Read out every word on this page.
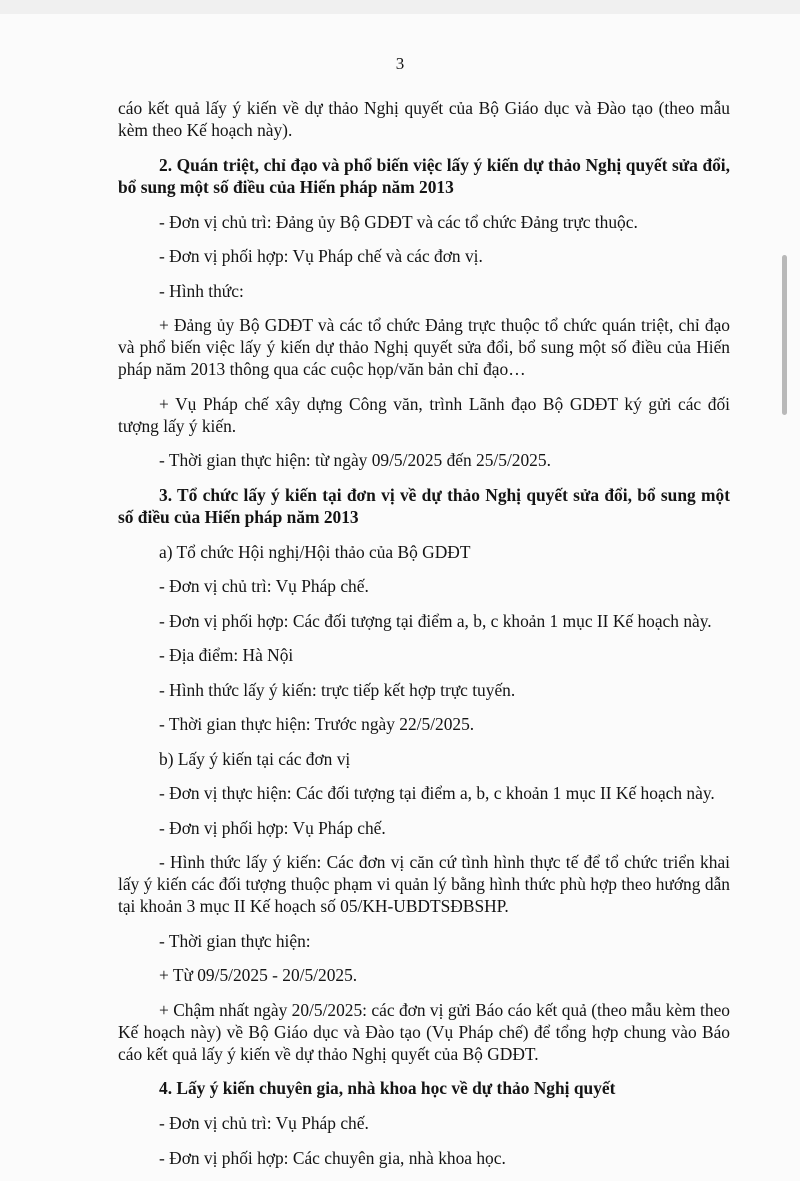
3

cáo kết quả lấy ý kiến về dự thảo Nghị quyết của Bộ Giáo dục và Đào tạo (theo mẫu kèm theo Kế hoạch này).

2. Quán triệt, chỉ đạo và phổ biến việc lấy ý kiến dự thảo Nghị quyết sửa đổi, bổ sung một số điều của Hiến pháp năm 2013

- Đơn vị chủ trì: Đảng ủy Bộ GDĐT và các tổ chức Đảng trực thuộc.

- Đơn vị phối hợp: Vụ Pháp chế và các đơn vị.

- Hình thức:

+ Đảng ủy Bộ GDĐT và các tổ chức Đảng trực thuộc tổ chức quán triệt, chỉ đạo và phổ biến việc lấy ý kiến dự thảo Nghị quyết sửa đổi, bổ sung một số điều của Hiến pháp năm 2013 thông qua các cuộc họp/văn bản chỉ đạo…

+ Vụ Pháp chế xây dựng Công văn, trình Lãnh đạo Bộ GDĐT ký gửi các đối tượng lấy ý kiến.

- Thời gian thực hiện: từ ngày 09/5/2025 đến 25/5/2025.

3. Tổ chức lấy ý kiến tại đơn vị về dự thảo Nghị quyết sửa đổi, bổ sung một số điều của Hiến pháp năm 2013

a) Tổ chức Hội nghị/Hội thảo của Bộ GDĐT

- Đơn vị chủ trì: Vụ Pháp chế.

- Đơn vị phối hợp: Các đối tượng tại điểm a, b, c khoản 1 mục II Kế hoạch này.

- Địa điểm: Hà Nội

- Hình thức lấy ý kiến: trực tiếp kết hợp trực tuyến.

- Thời gian thực hiện: Trước ngày 22/5/2025.

b) Lấy ý kiến tại các đơn vị

- Đơn vị thực hiện: Các đối tượng tại điểm a, b, c khoản 1 mục II Kế hoạch này.

- Đơn vị phối hợp: Vụ Pháp chế.

- Hình thức lấy ý kiến: Các đơn vị căn cứ tình hình thực tế để tổ chức triển khai lấy ý kiến các đối tượng thuộc phạm vi quản lý bằng hình thức phù hợp theo hướng dẫn tại khoản 3 mục II Kế hoạch số 05/KH-UBDTSĐBSHP.

- Thời gian thực hiện:

+ Từ 09/5/2025 - 20/5/2025.

+ Chậm nhất ngày 20/5/2025: các đơn vị gửi Báo cáo kết quả (theo mẫu kèm theo Kế hoạch này) về Bộ Giáo dục và Đào tạo (Vụ Pháp chế) để tổng hợp chung vào Báo cáo kết quả lấy ý kiến về dự thảo Nghị quyết của Bộ GDĐT.

4. Lấy ý kiến chuyên gia, nhà khoa học về dự thảo Nghị quyết

- Đơn vị chủ trì: Vụ Pháp chế.

- Đơn vị phối hợp: Các chuyên gia, nhà khoa học.
